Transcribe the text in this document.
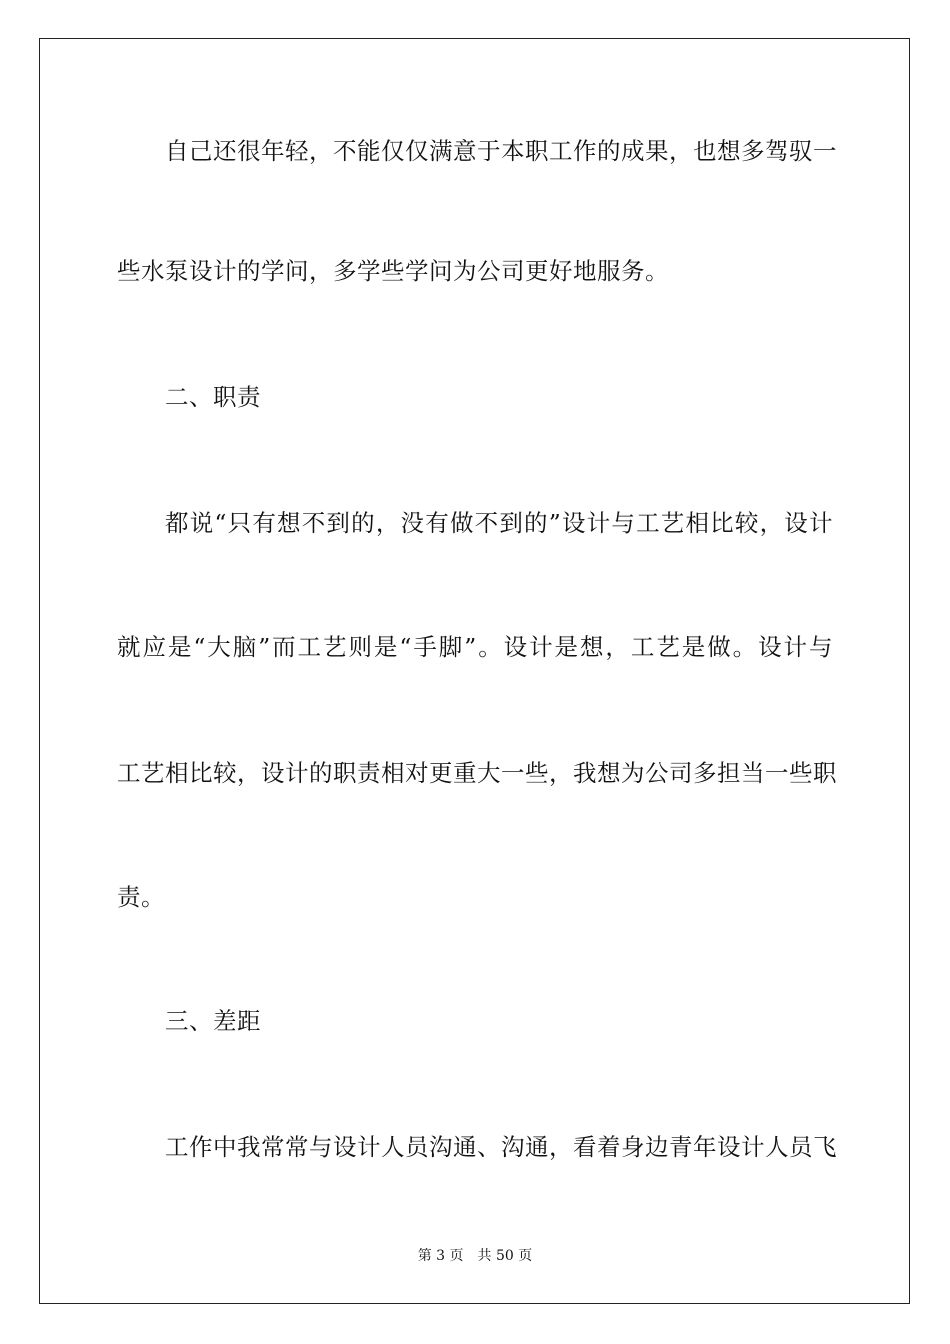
自己还很年轻，不能仅仅满意于本职工作的成果，也想多驾驭一
些水泵设计的学问，多学些学问为公司更好地服务。
二、职责
都说“只有想不到的，没有做不到的”设计与工艺相比较，设计
就应是“大脑”而工艺则是“手脚”。设计是想，工艺是做。设计与
工艺相比较，设计的职责相对更重大一些，我想为公司多担当一些职
责。
三、差距
工作中我常常与设计人员沟通、沟通，看着身边青年设计人员飞
第 3 页 共 50 页
